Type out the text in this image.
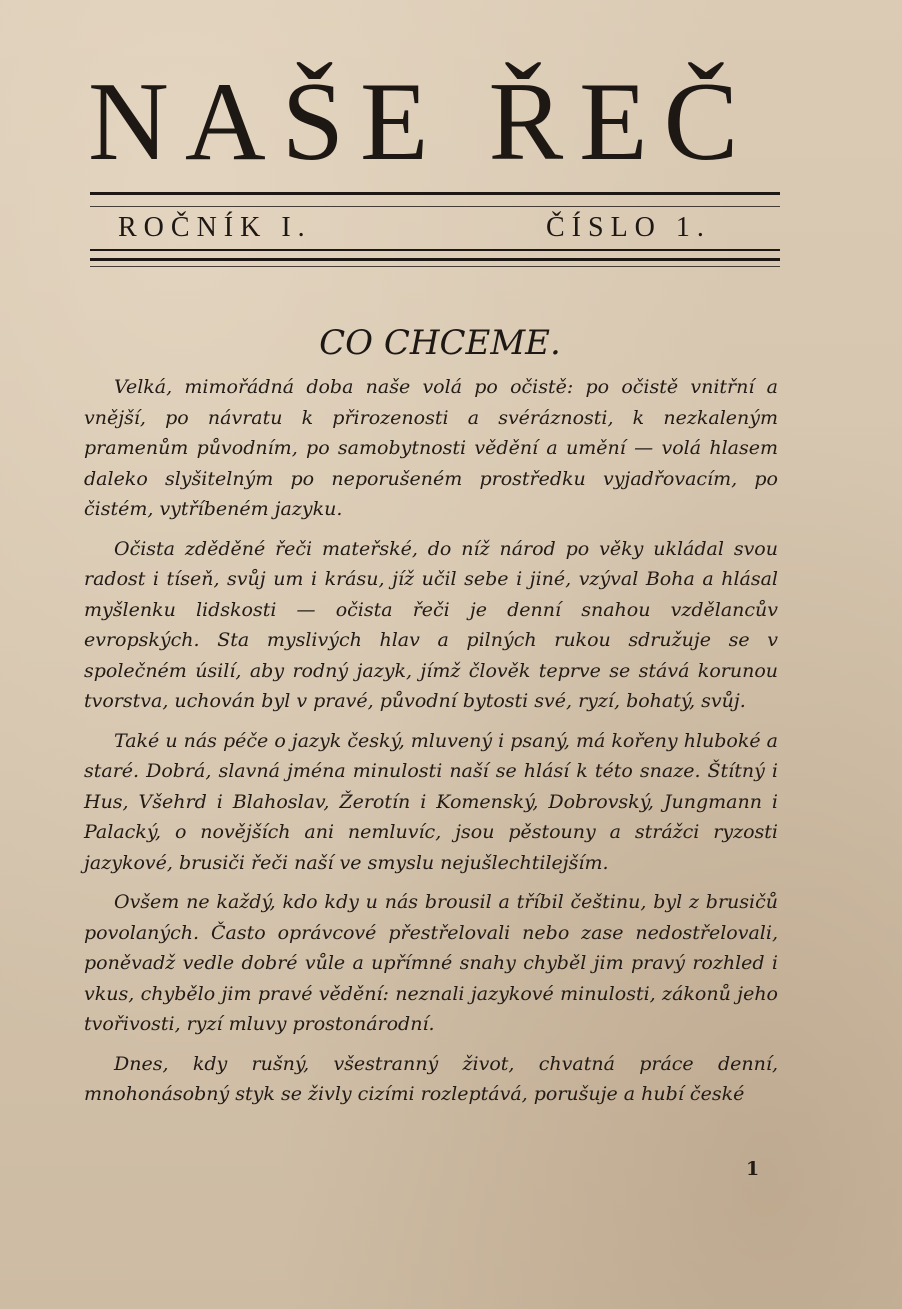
NAŠE ŘEČ
ROČNÍK I.	ČÍSLO 1.
CO CHCEME.

Velká, mimořádná doba naše volá po očistě: po očistě vnitřní a vnější, po návratu k přirozenosti a svéráznosti, k nezkaleným pramenům původním, po samobytnosti vědění a umění — volá hlasem daleko slyšitelným po neporušeném prostředku vyjadřovacím, po čistém, vytříbeném jazyku.

Očista zděděné řeči mateřské, do níž národ po věky ukládal svou radost i tíseň, svůj um i krásu, jíž učil sebe i jiné, vzýval Boha a hlásal myšlenku lidskosti — očista řeči je denní snahou vzdělancův evropských. Sta myslivých hlav a pilných rukou sdružuje se v společném úsilí, aby rodný jazyk, jímž člověk teprve se stává korunou tvorstva, uchován byl v pravé, původní bytosti své, ryzí, bohatý, svůj.

Také u nás péče o jazyk český, mluvený i psaný, má kořeny hluboké a staré. Dobrá, slavná jména minulosti naší se hlásí k této snaze. Štítný i Hus, Všehrd i Blahoslav, Žerotín i Komenský, Dobrovský, Jungmann i Palacký, o novějších ani nemluvíc, jsou pěstouny a strážci ryzosti jazykové, brusiči řeči naší ve smyslu nejušlechtilejším.

Ovšem ne každý, kdo kdy u nás brousil a tříbil češtinu, byl z brusičů povolaných. Často oprávcové přestřelovali nebo zase nedostřelovali, poněvadž vedle dobré vůle a upřímné snahy chyběl jim pravý rozhled i vkus, chybělo jim pravé vědění: neznali jazykové minulosti, zákonů jeho tvořivosti, ryzí mluvy prostonárodní.

Dnes, kdy rušný, všestranný život, chvatná práce denní, mnohonásobný styk se živly cizími rozleptává, porušuje a hubí české

1
